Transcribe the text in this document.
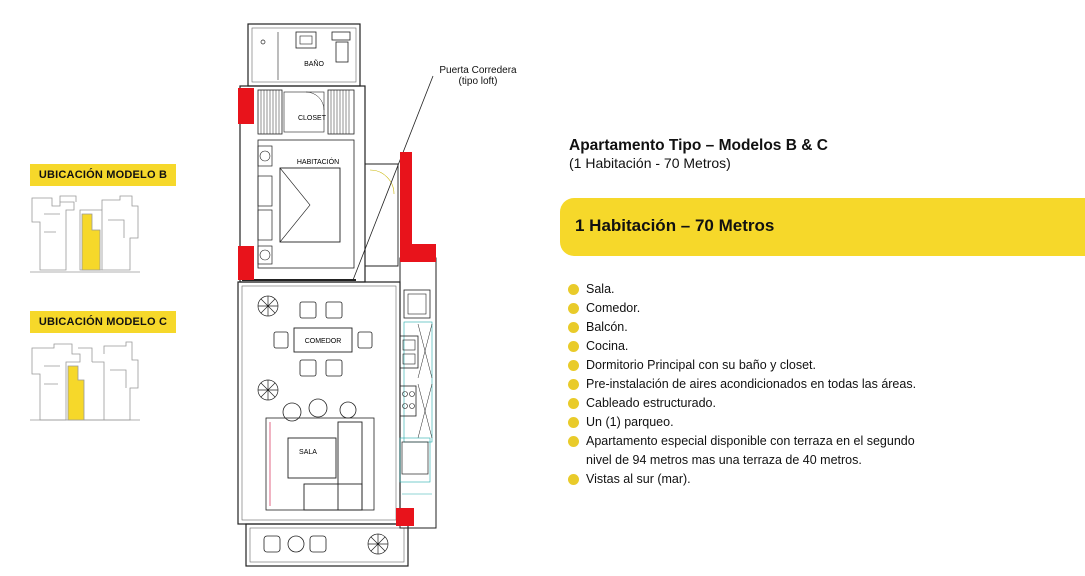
UBICACIÓN MODELO B
UBICACIÓN MODELO C
BAÑO
CLOSET
HABITACIÓN
COMEDOR
SALA
Puerta Corredera
(tipo loft)
Apartamento Tipo – Modelos B & C
(1 Habitación - 70 Metros)
1 Habitación – 70 Metros
Sala.
Comedor.
Balcón.
Cocina.
Dormitorio Principal con su baño y closet.
Pre-instalación de aires acondicionados en todas las áreas.
Cableado estructurado.
Un (1) parqueo.
Apartamento especial disponible con terraza en el segundo
nivel de 94 metros mas una terraza de 40 metros.
Vistas al sur (mar).
